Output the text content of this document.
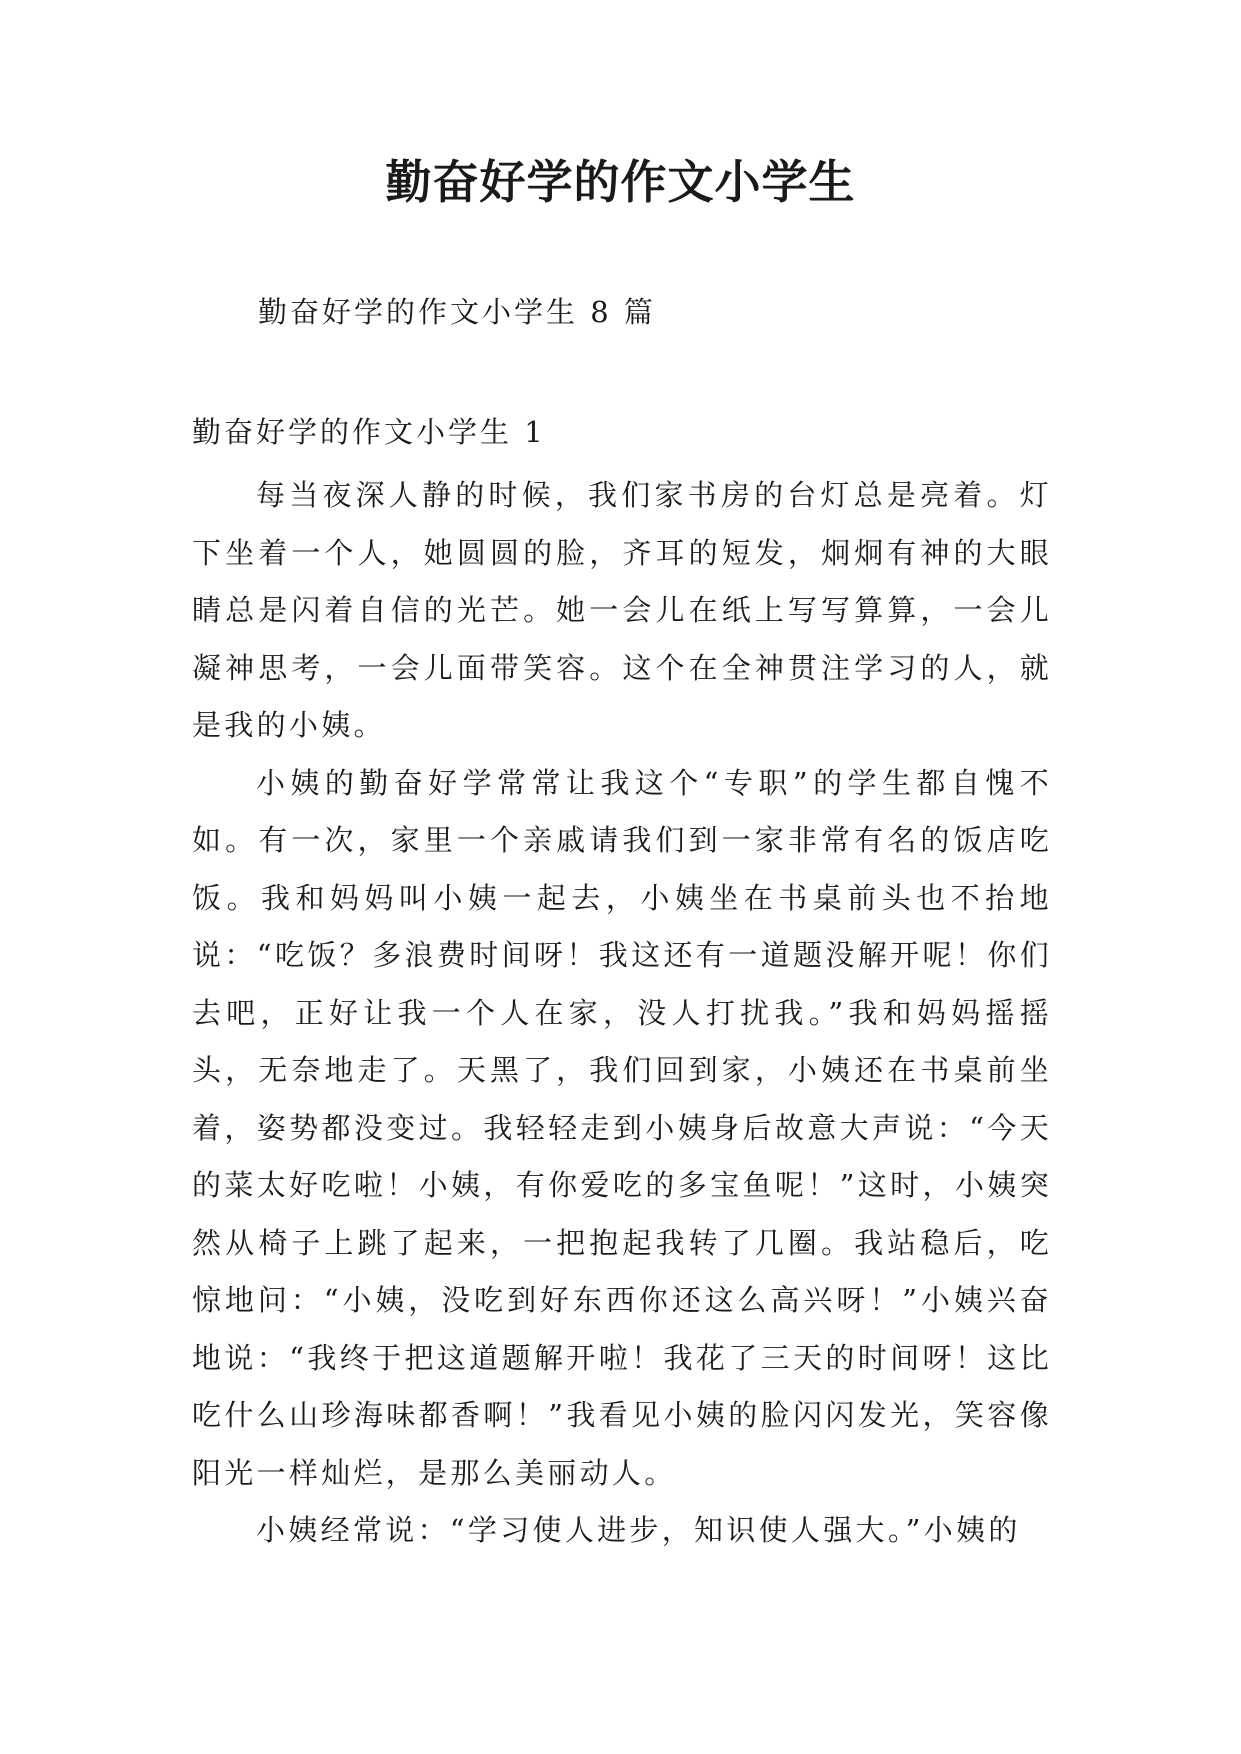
勤奋好学的作文小学生
勤奋好学的作文小学生 8 篇
勤奋好学的作文小学生 1

每当夜深人静的时候，我们家书房的台灯总是亮着。灯下坐着一个人，她圆圆的脸，齐耳的短发，炯炯有神的大眼睛总是闪着自信的光芒。她一会儿在纸上写写算算，一会儿凝神思考，一会儿面带笑容。这个在全神贯注学习的人，就是我的小姨。

小姨的勤奋好学常常让我这个“专职”的学生都自愧不如。有一次，家里一个亲戚请我们到一家非常有名的饭店吃饭。我和妈妈叫小姨一起去，小姨坐在书桌前头也不抬地说：“吃饭？多浪费时间呀！我这还有一道题没解开呢！你们去吧，正好让我一个人在家，没人打扰我。”我和妈妈摇摇头，无奈地走了。天黑了，我们回到家，小姨还在书桌前坐着，姿势都没变过。我轻轻走到小姨身后故意大声说：“今天的菜太好吃啦！小姨，有你爱吃的多宝鱼呢！”这时，小姨突然从椅子上跳了起来，一把抱起我转了几圈。我站稳后，吃惊地问：“小姨，没吃到好东西你还这么高兴呀！”小姨兴奋地说：“我终于把这道题解开啦！我花了三天的时间呀！这比吃什么山珍海味都香啊！”我看见小姨的脸闪闪发光，笑容像阳光一样灿烂，是那么美丽动人。

小姨经常说：“学习使人进步，知识使人强大。”小姨的
